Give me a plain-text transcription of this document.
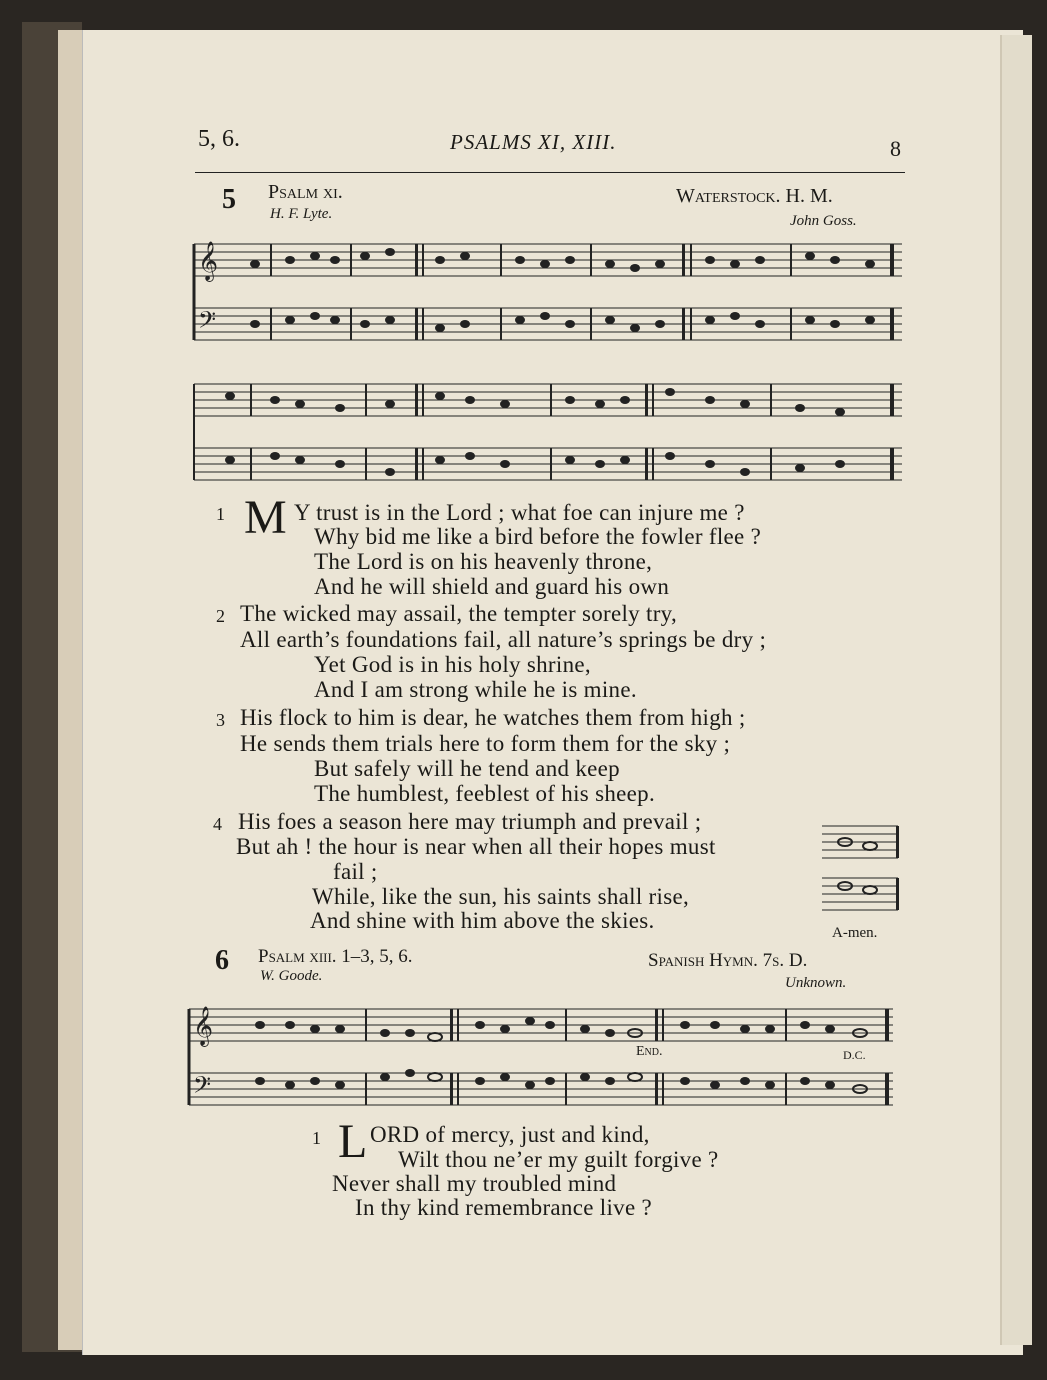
5, 6.	PSALMS XI, XIII.	8
5 Psalm xi.	Waterstock. H. M.
H. F. Lyte.	John Goss.
𝄞
𝄢
1 M Y trust is in the Lord ; what foe can injure me ?
Why bid me like a bird before the fowler flee ?
The Lord is on his heavenly throne,
And he will shield and guard his own
2 The wicked may assail, the tempter sorely try,
All earth’s foundations fail, all nature’s springs be dry ;
Yet God is in his holy shrine,
And I am strong while he is mine.
3 His flock to him is dear, he watches them from high ;
He sends them trials here to form them for the sky ;
But safely will he tend and keep
The humblest, feeblest of his sheep.
4 His foes a season here may triumph and prevail ;
But ah ! the hour is near when all their hopes must
fail ;
While, like the sun, his saints shall rise,
And shine with him above the skies.	A-men.
6 Psalm xiii. 1–3, 5, 6.	Spanish Hymn. 7s. D.
W. Goode.	Unknown.
𝄞
𝄢
End.	D.C.
1 L ORD of mercy, just and kind,
Wilt thou ne’er my guilt forgive ?
Never shall my troubled mind
In thy kind remembrance live ?
